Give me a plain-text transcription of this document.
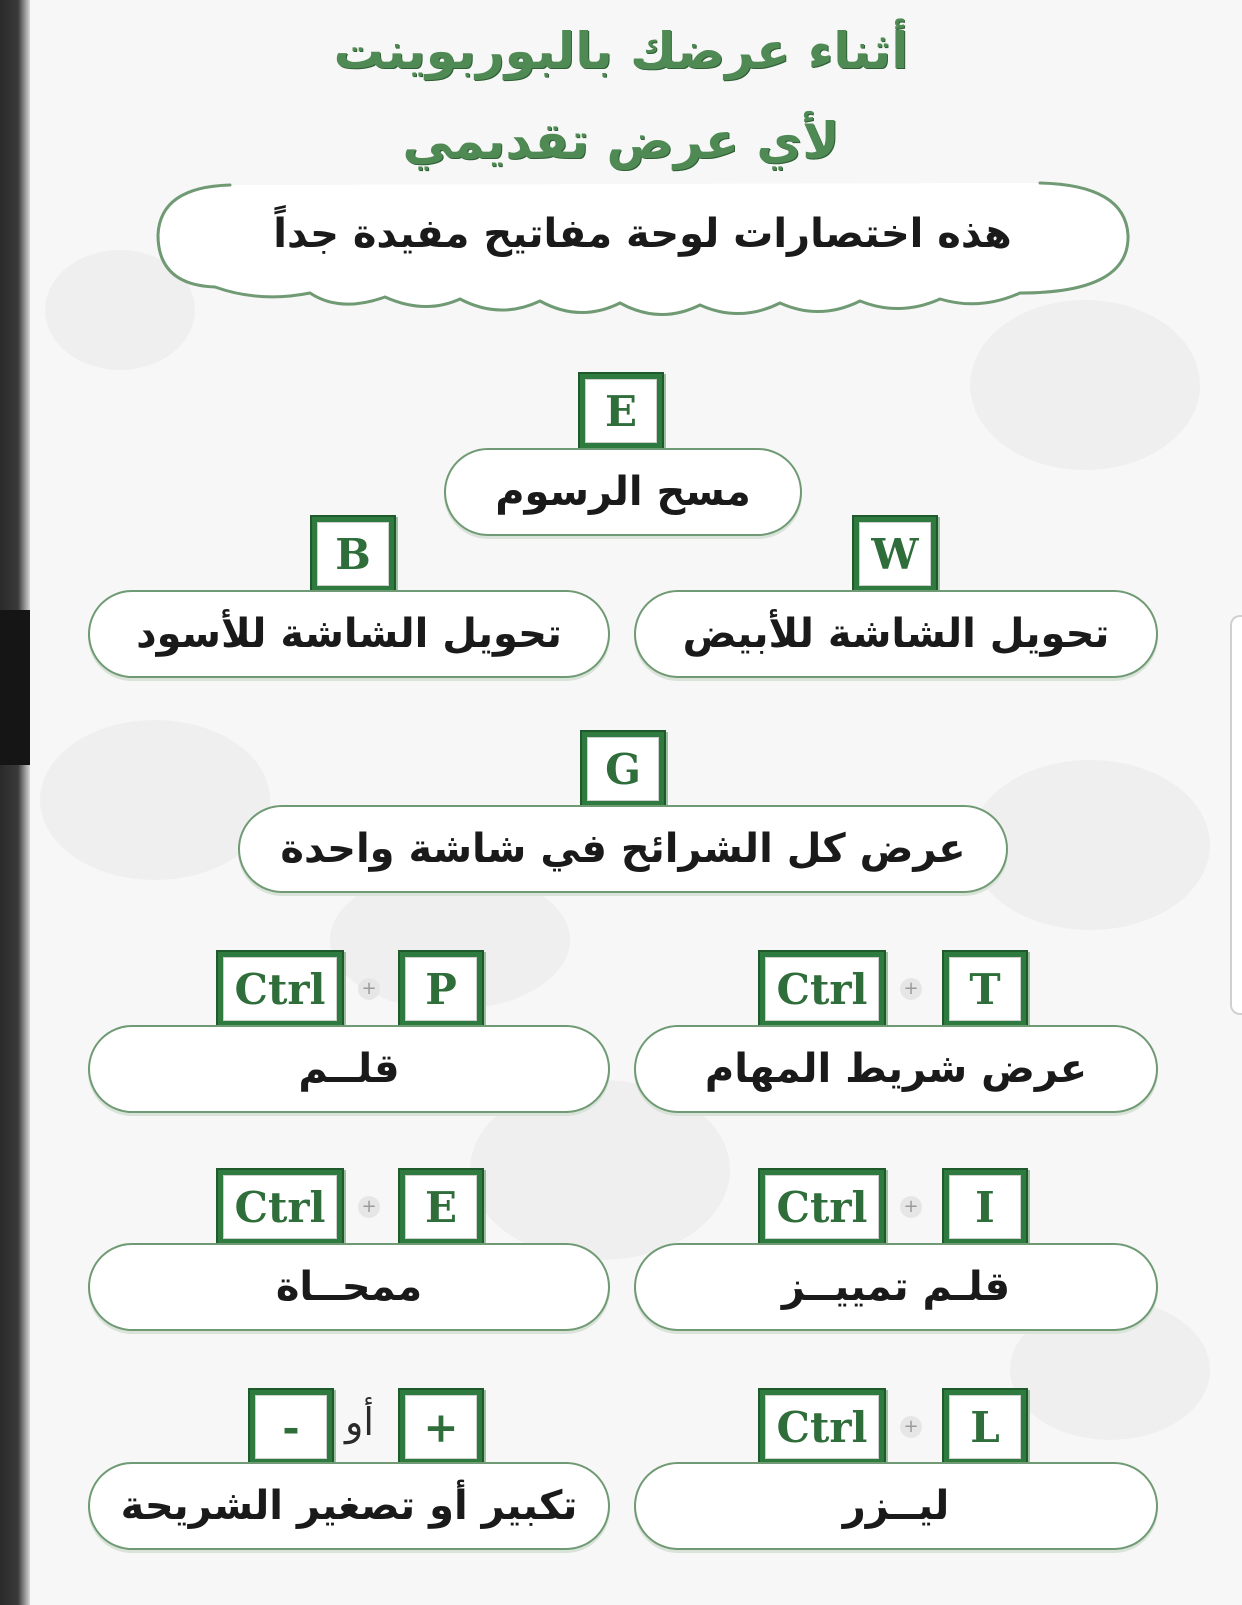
أثناء عرضك بالبوربوينت
لأي عرض تقديمي
هذه اختصارات لوحة مفاتيح مفيدة جداً
E
مسح الرسوم
B
تحويل الشاشة للأسود
W
تحويل الشاشة للأبيض
G
عرض كل الشرائح في شاشة واحدة
Ctrl	+	P
قلــم
Ctrl	+	T
عرض شريط المهام
Ctrl	+	E
ممحــاة
Ctrl	+	I
قلـم تمييــز
-	أو	+
تكبير أو تصغير الشريحة
Ctrl	+	L
ليــزر
